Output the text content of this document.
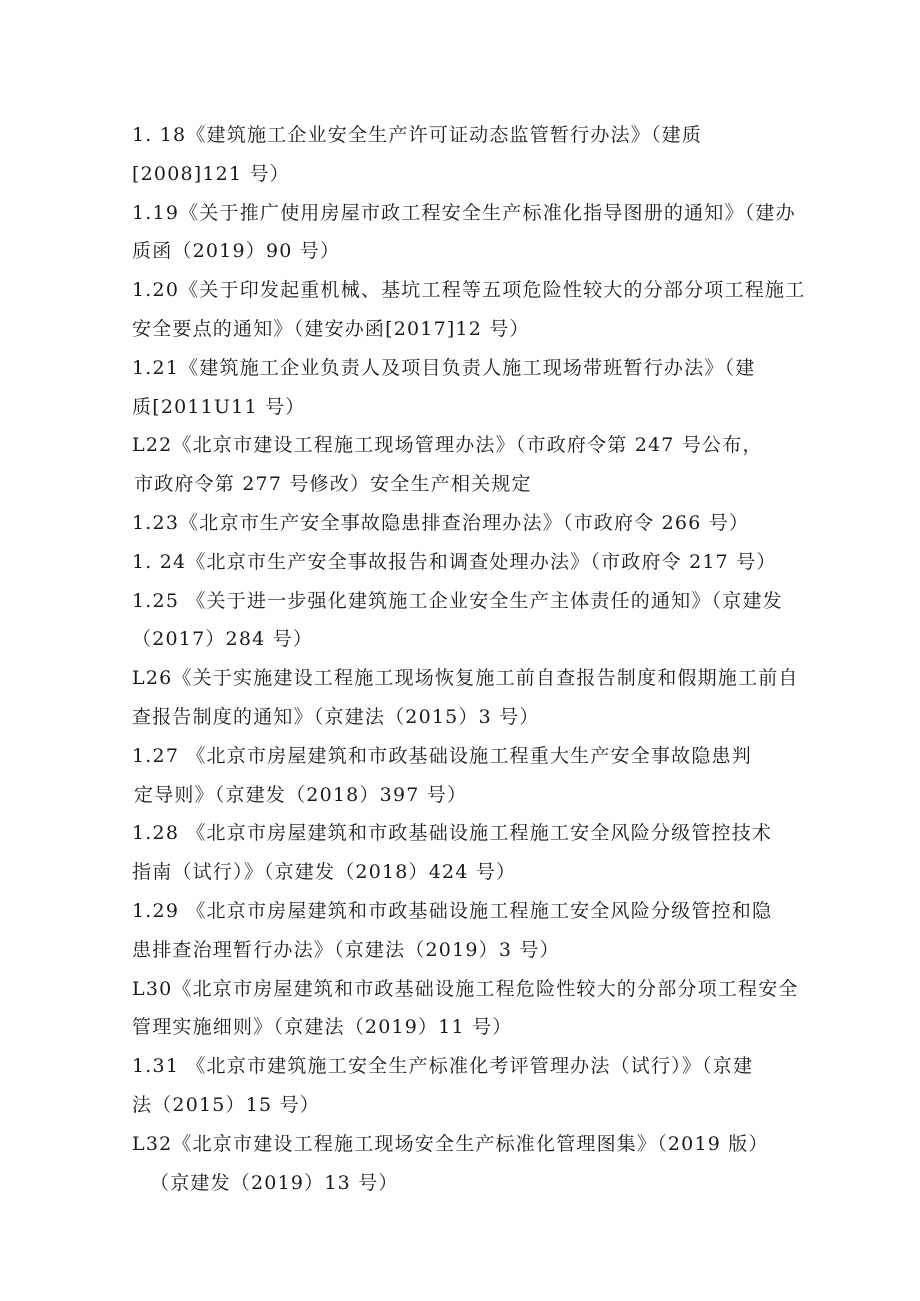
1. 18《建筑施工企业安全生产许可证动态监管暂行办法》（建质
[2008]121 号）
1.19《关于推广使用房屋市政工程安全生产标准化指导图册的通知》（建办
质函（2019）90 号）
1.20《关于印发起重机械、基坑工程等五项危险性较大的分部分项工程施工
安全要点的通知》（建安办函[2017]12 号）
1.21《建筑施工企业负责人及项目负责人施工现场带班暂行办法》（建
质[2011U11 号）
L22《北京市建设工程施工现场管理办法》（市政府令第 247 号公布，
市政府令第 277 号修改）安全生产相关规定
1.23《北京市生产安全事故隐患排查治理办法》（市政府令 266 号）
1. 24《北京市生产安全事故报告和调查处理办法》（市政府令 217 号）
1.25 《关于进一步强化建筑施工企业安全生产主体责任的通知》（京建发
（2017）284 号）
L26《关于实施建设工程施工现场恢复施工前自查报告制度和假期施工前自
查报告制度的通知》（京建法（2015）3 号）
1.27 《北京市房屋建筑和市政基础设施工程重大生产安全事故隐患判
定导则》（京建发（2018）397 号）
1.28 《北京市房屋建筑和市政基础设施工程施工安全风险分级管控技术
指南（试行）》（京建发（2018）424 号）
1.29 《北京市房屋建筑和市政基础设施工程施工安全风险分级管控和隐
患排查治理暂行办法》（京建法（2019）3 号）
L30《北京市房屋建筑和市政基础设施工程危险性较大的分部分项工程安全
管理实施细则》（京建法（2019）11 号）
1.31 《北京市建筑施工安全生产标准化考评管理办法（试行）》（京建
法（2015）15 号）
L32《北京市建设工程施工现场安全生产标准化管理图集》（2019 版）
（京建发（2019）13 号）
